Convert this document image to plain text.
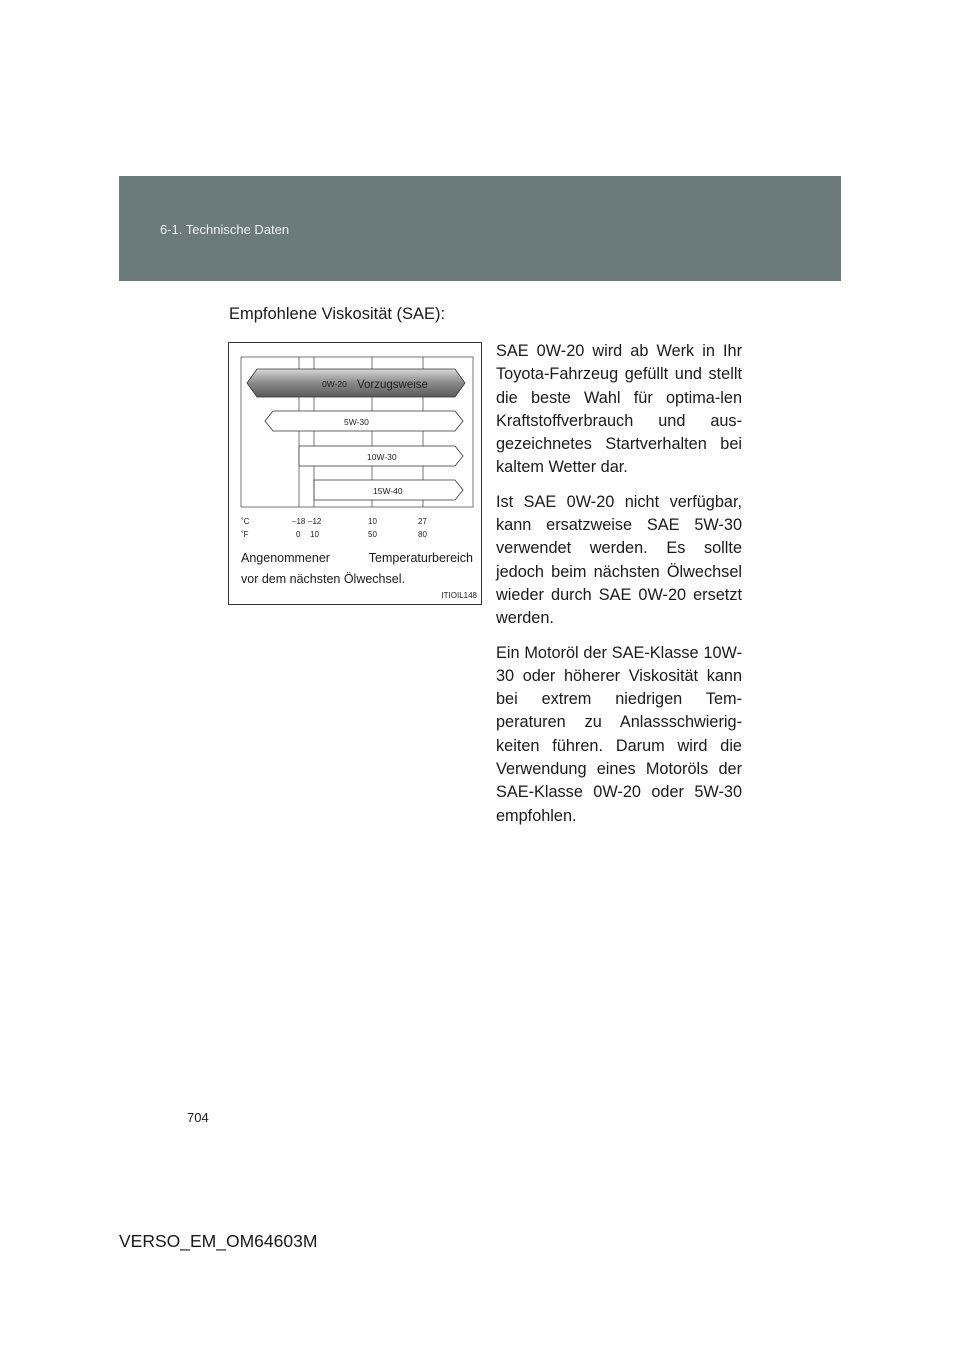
6-1. Technische Daten
Empfohlene Viskosität (SAE):
0W-20 Vorzugsweise
5W-30
10W-30
15W-40
˚C
˚F
–18 –12	10	27
0 10	50	80
Angenommener Temperaturbereich
vor dem nächsten Ölwechsel.
ITIOIL148

SAE 0W-20 wird ab Werk in Ihr Toyota-Fahrzeug gefüllt und stellt die beste Wahl für optima-len Kraftstoffverbrauch und aus-gezeichnetes Startverhalten bei kaltem Wetter dar.

Ist SAE 0W-20 nicht verfügbar, kann ersatzweise SAE 5W-30 verwendet werden. Es sollte jedoch beim nächsten Ölwechsel wieder durch SAE 0W-20 ersetzt werden.

Ein Motoröl der SAE-Klasse 10W-30 oder höherer Viskosität kann bei extrem niedrigen Tem-peraturen zu Anlassschwierig-keiten führen. Darum wird die Verwendung eines Motoröls der SAE-Klasse 0W-20 oder 5W-30 empfohlen.

704
VERSO_EM_OM64603M
